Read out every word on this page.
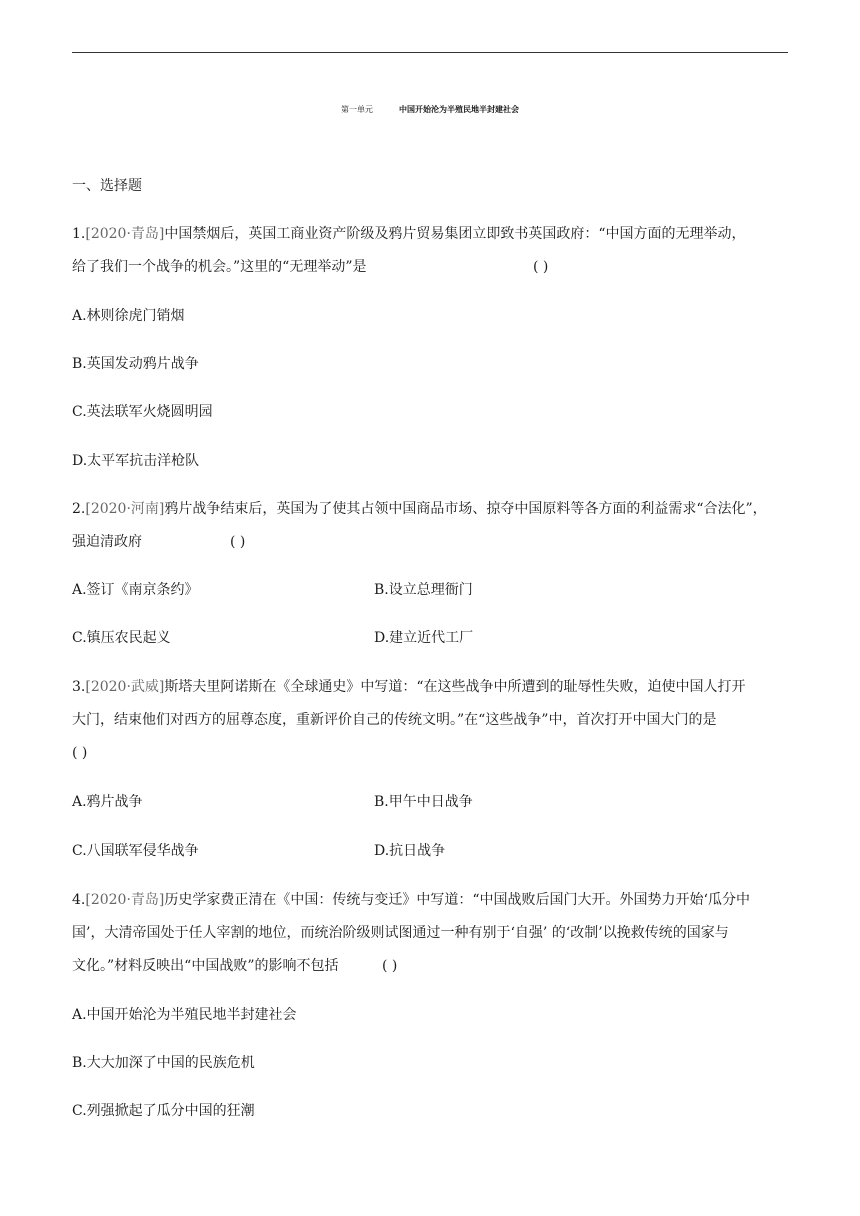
第一单元	中国开始沦为半殖民地半封建社会
一、选择题
1.[2020·青岛]中国禁烟后，英国工商业资产阶级及鸦片贸易集团立即致书英国政府：“中国方面的无理举动，
给了我们一个战争的机会。”这里的“无理举动”是	( )
A.林则徐虎门销烟
B.英国发动鸦片战争
C.英法联军火烧圆明园
D.太平军抗击洋枪队
2.[2020·河南]鸦片战争结束后，英国为了使其占领中国商品市场、掠夺中国原料等各方面的利益需求“合法化”，
强迫清政府	( )
A.签订《南京条约》	B.设立总理衙门
C.镇压农民起义	D.建立近代工厂
3.[2020·武威]斯塔夫里阿诺斯在《全球通史》中写道：“在这些战争中所遭到的耻辱性失败，迫使中国人打开
大门，结束他们对西方的屈尊态度，重新评价自己的传统文明。”在“这些战争”中，首次打开中国大门的是
( )
A.鸦片战争	B.甲午中日战争
C.八国联军侵华战争	D.抗日战争
4.[2020·青岛]历史学家费正清在《中国：传统与变迁》中写道：“中国战败后国门大开。外国势力开始‘瓜分中
国’，大清帝国处于任人宰割的地位，而统治阶级则试图通过一种有别于‘自强’ 的‘改制’以挽救传统的国家与
文化。”材料反映出“中国战败”的影响不包括	( )
A.中国开始沦为半殖民地半封建社会
B.大大加深了中国的民族危机
C.列强掀起了瓜分中国的狂潮
